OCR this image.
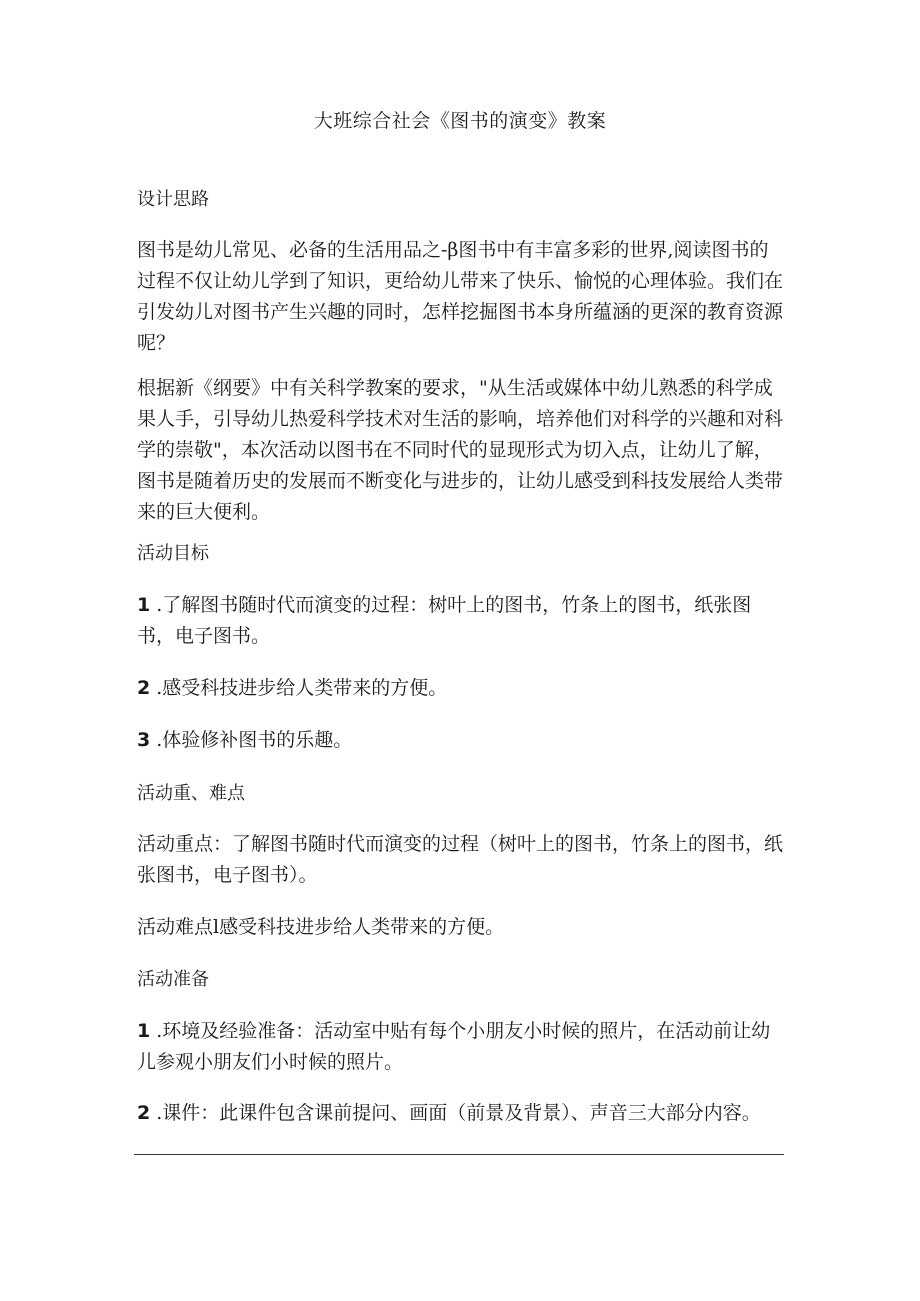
大班综合社会《图书的演变》教案

设计思路

图书是幼儿常见、必备的生活用品之-β图书中有丰富多彩的世界,阅读图书的过程不仅让幼儿学到了知识，更给幼儿带来了快乐、愉悦的心理体验。我们在引发幼儿对图书产生兴趣的同时，怎样挖掘图书本身所蕴涵的更深的教育资源呢？

根据新《纲要》中有关科学教案的要求，"从生活或媒体中幼儿熟悉的科学成果人手，引导幼儿热爱科学技术对生活的影响，培养他们对科学的兴趣和对科学的崇敬"，本次活动以图书在不同时代的显现形式为切入点，让幼儿了解，图书是随着历史的发展而不断变化与进步的，让幼儿感受到科技发展给人类带来的巨大便利。

活动目标

1 .了解图书随时代而演变的过程：树叶上的图书，竹条上的图书，纸张图书，电子图书。

2 .感受科技进步给人类带来的方便。

3 .体验修补图书的乐趣。

活动重、难点

活动重点：了解图书随时代而演变的过程（树叶上的图书，竹条上的图书，纸张图书，电子图书）。

活动难点l感受科技进步给人类带来的方便。

活动准备

1 .环境及经验准备：活动室中贴有每个小朋友小时候的照片，在活动前让幼儿参观小朋友们小时候的照片。

2 .课件：此课件包含课前提问、画面（前景及背景）、声音三大部分内容。
